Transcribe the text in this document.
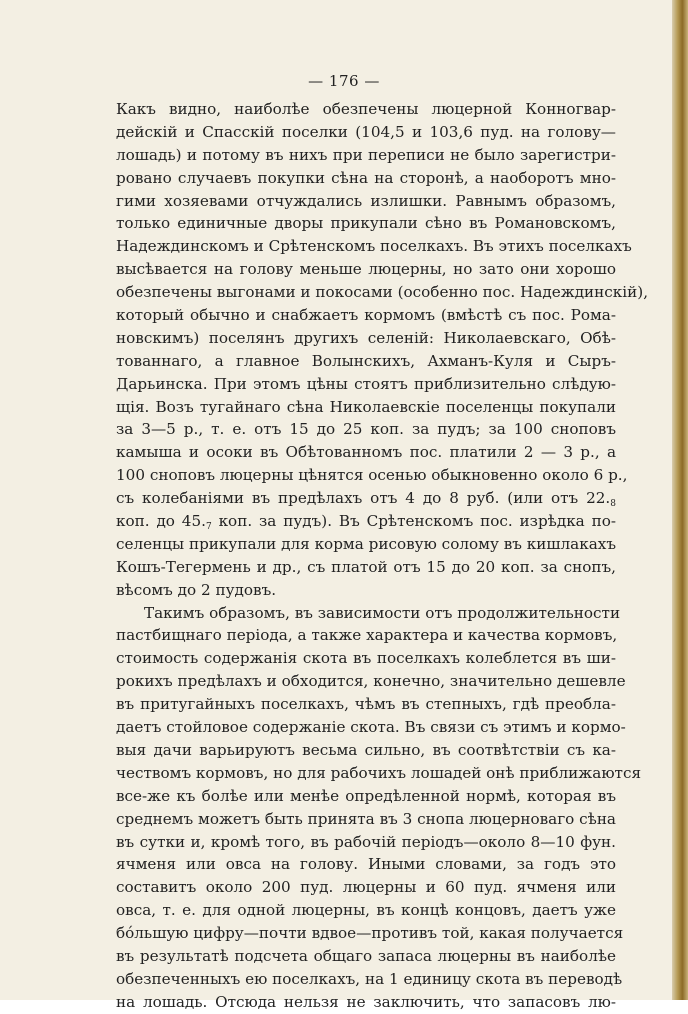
— 176 —

Какъ видно, наиболѣе обезпечены люцерной Конногвар-
дейскій и Спасскій поселки (104,5 и 103,6 пуд. на голову—
лошадь) и потому въ нихъ при переписи не было зарегистри-
ровано случаевъ покупки сѣна на сторонѣ, а наоборотъ мно-
гими хозяевами отчуждались излишки. Равнымъ образомъ,
только единичные дворы прикупали сѣно въ Романовскомъ,
Надеждинскомъ и Срѣтенскомъ поселкахъ. Въ этихъ поселкахъ
высѣвается на голову меньше люцерны, но зато они хорошо
обезпечены выгонами и покосами (особенно пос. Надеждинскій),
который обычно и снабжаетъ кормомъ (вмѣстѣ съ пос. Рома-
новскимъ) поселянъ другихъ селеній: Николаевскаго, Обѣ-
тованнаго, а главное Волынскихъ, Ахманъ-Куля и Сыръ-
Дарьинска. При этомъ цѣны стоятъ приблизительно слѣдую-
щія. Возъ тугайнаго сѣна Николаевскіе поселенцы покупали
за 3—5 р., т. е. отъ 15 до 25 коп. за пудъ; за 100 сноповъ
камыша и осоки въ Обѣтованномъ пос. платили 2 — 3 р., а
100 сноповъ люцерны цѣнятся осенью обыкновенно около 6 р.,
съ колебаніями въ предѣлахъ отъ 4 до 8 руб. (или отъ $22._8$
коп. до $45._7$ коп. за пудъ). Въ Срѣтенскомъ пос. изрѣдка по-
селенцы прикупали для корма рисовую солому въ кишлакахъ
Кошъ-Тегермень и др., съ платой отъ 15 до 20 коп. за снопъ,
вѣсомъ до 2 пудовъ.
Такимъ образомъ, въ зависимости отъ продолжительности
пастбищнаго періода, а также характера и качества кормовъ,
стоимость содержанія скота въ поселкахъ колеблется въ ши-
рокихъ предѣлахъ и обходится, конечно, значительно дешевле
въ притугайныхъ поселкахъ, чѣмъ въ степныхъ, гдѣ преобла-
даетъ стойловое содержаніе скота. Въ связи съ этимъ и кормо-
выя дачи варьируютъ весьма сильно, въ соотвѣтствіи съ ка-
чествомъ кормовъ, но для рабочихъ лошадей онѣ приближаются
все-же къ болѣе или менѣе опредѣленной нормѣ, которая въ
среднемъ можетъ быть принята въ 3 снопа люцерноваго сѣна
въ сутки и, кромѣ того, въ рабочій періодъ—около 8—10 фун.
ячменя или овса на голову. Иными словами, за годъ это
составитъ около 200 пуд. люцерны и 60 пуд. ячменя или
овса, т. е. для одной люцерны, въ концѣ концовъ, даетъ уже
бо́льшую цифру—почти вдвое—противъ той, какая получается
въ результатѣ подсчета общаго запаса люцерны въ наиболѣе
обезпеченныхъ ею поселкахъ, на 1 единицу скота въ переводѣ
на лошадь. Отсюда нельзя не заключить, что запасовъ лю-
